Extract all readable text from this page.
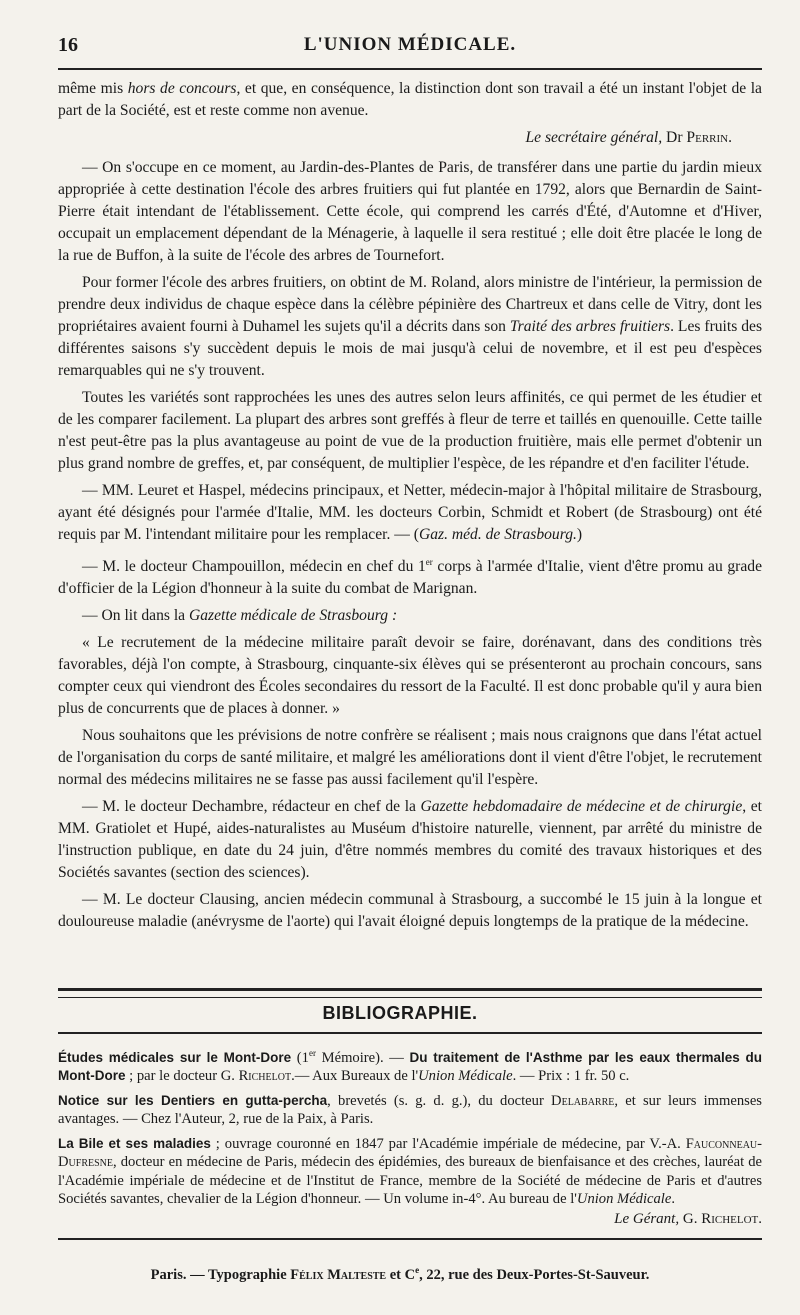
16	L'UNION MÉDICALE.

même mis hors de concours, et que, en conséquence, la distinction dont son travail a été un instant l'objet de la part de la Société, est et reste comme non avenue.

Le secrétaire général, Dr Perrin.

— On s'occupe en ce moment, au Jardin-des-Plantes de Paris, de transférer dans une partie du jardin mieux appropriée à cette destination l'école des arbres fruitiers qui fut plantée en 1792, alors que Bernardin de Saint-Pierre était intendant de l'établissement. Cette école, qui comprend les carrés d'Été, d'Automne et d'Hiver, occupait un emplacement dépendant de la Ménagerie, à laquelle il sera restitué ; elle doit être placée le long de la rue de Buffon, à la suite de l'école des arbres de Tournefort.

Pour former l'école des arbres fruitiers, on obtint de M. Roland, alors ministre de l'intérieur, la permission de prendre deux individus de chaque espèce dans la célèbre pépinière des Chartreux et dans celle de Vitry, dont les propriétaires avaient fourni à Duhamel les sujets qu'il a décrits dans son Traité des arbres fruitiers. Les fruits des différentes saisons s'y succèdent depuis le mois de mai jusqu'à celui de novembre, et il est peu d'espèces remarquables qui ne s'y trouvent.

Toutes les variétés sont rapprochées les unes des autres selon leurs affinités, ce qui permet de les étudier et de les comparer facilement. La plupart des arbres sont greffés à fleur de terre et taillés en quenouille. Cette taille n'est peut-être pas la plus avantageuse au point de vue de la production fruitière, mais elle permet d'obtenir un plus grand nombre de greffes, et, par conséquent, de multiplier l'espèce, de les répandre et d'en faciliter l'étude.

— MM. Leuret et Haspel, médecins principaux, et Netter, médecin-major à l'hôpital militaire de Strasbourg, ayant été désignés pour l'armée d'Italie, MM. les docteurs Corbin, Schmidt et Robert (de Strasbourg) ont été requis par M. l'intendant militaire pour les remplacer. — (Gaz. méd. de Strasbourg.)

— M. le docteur Champouillon, médecin en chef du 1er corps à l'armée d'Italie, vient d'être promu au grade d'officier de la Légion d'honneur à la suite du combat de Marignan.

— On lit dans la Gazette médicale de Strasbourg :

« Le recrutement de la médecine militaire paraît devoir se faire, dorénavant, dans des conditions très favorables, déjà l'on compte, à Strasbourg, cinquante-six élèves qui se présenteront au prochain concours, sans compter ceux qui viendront des Écoles secondaires du ressort de la Faculté. Il est donc probable qu'il y aura bien plus de concurrents que de places à donner. »

Nous souhaitons que les prévisions de notre confrère se réalisent ; mais nous craignons que dans l'état actuel de l'organisation du corps de santé militaire, et malgré les améliorations dont il vient d'être l'objet, le recrutement normal des médecins militaires ne se fasse pas aussi facilement qu'il l'espère.

— M. le docteur Dechambre, rédacteur en chef de la Gazette hebdomadaire de médecine et de chirurgie, et MM. Gratiolet et Hupé, aides-naturalistes au Muséum d'histoire naturelle, viennent, par arrêté du ministre de l'instruction publique, en date du 24 juin, d'être nommés membres du comité des travaux historiques et des Sociétés savantes (section des sciences).

— M. Le docteur Clausing, ancien médecin communal à Strasbourg, a succombé le 15 juin à la longue et douloureuse maladie (anévrysme de l'aorte) qui l'avait éloigné depuis longtemps de la pratique de la médecine.

BIBLIOGRAPHIE.

Études médicales sur le Mont-Dore (1er Mémoire). — Du traitement de l'Asthme par les eaux thermales du Mont-Dore ; par le docteur G. Richelot.— Aux Bureaux de l'Union Médicale. — Prix : 1 fr. 50 c.

Notice sur les Dentiers en gutta-percha, brevetés (s. g. d. g.), du docteur Delabarre, et sur leurs immenses avantages. — Chez l'Auteur, 2, rue de la Paix, à Paris.

La Bile et ses maladies ; ouvrage couronné en 1847 par l'Académie impériale de médecine, par V.-A. Fauconneau-Dufresne, docteur en médecine de Paris, médecin des épidémies, des bureaux de bienfaisance et des crèches, lauréat de l'Académie impériale de médecine et de l'Institut de France, membre de la Société de médecine de Paris et d'autres Sociétés savantes, chevalier de la Légion d'honneur. — Un volume in-4°. Au bureau de l'Union Médicale.

Le Gérant, G. Richelot.
Paris. — Typographie Félix Malteste et Ce, 22, rue des Deux-Portes-St-Sauveur.
